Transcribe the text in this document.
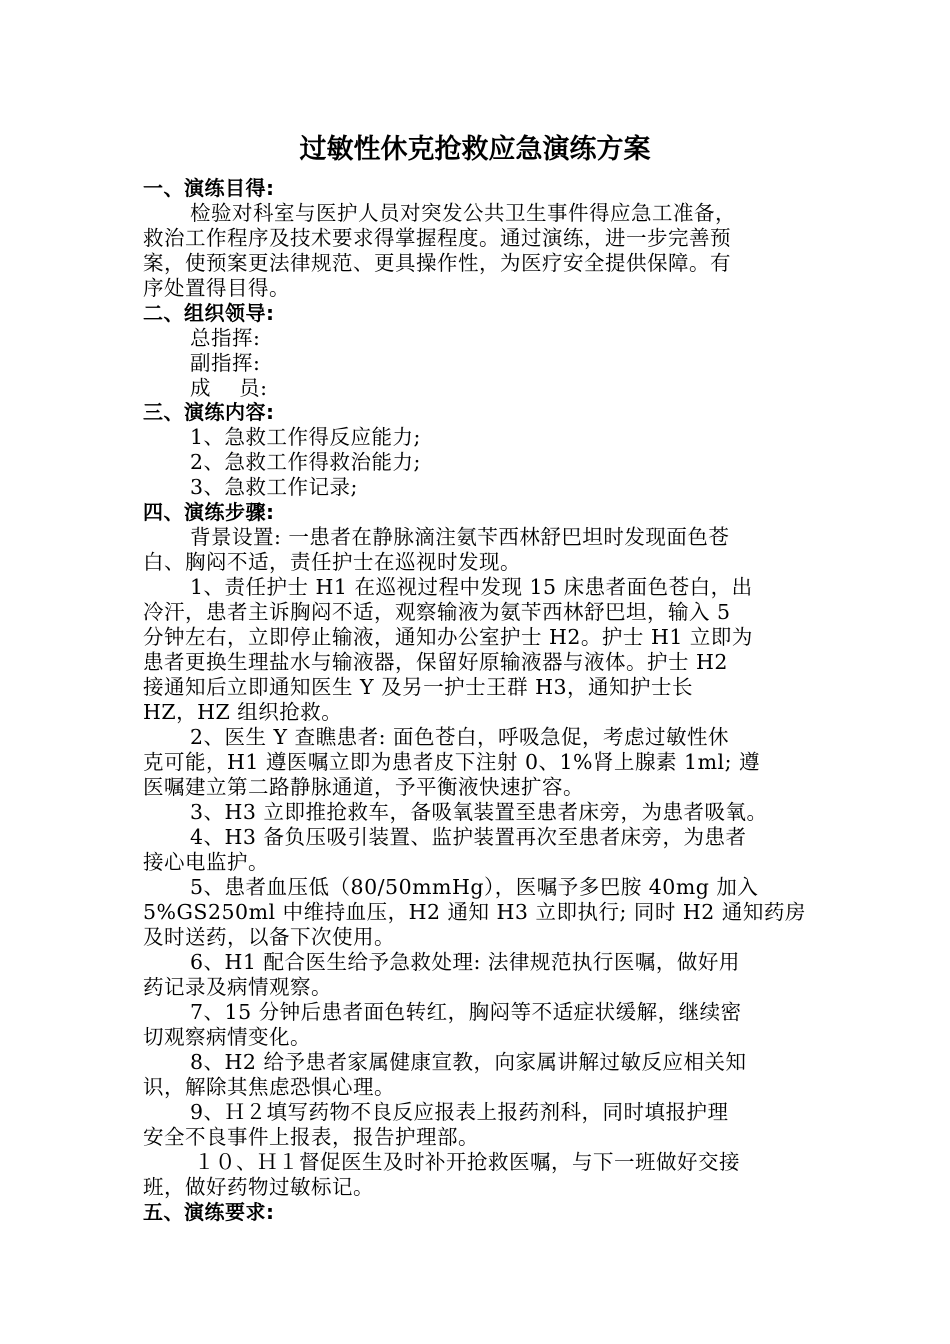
过敏性休克抢救应急演练方案
一、演练目得:
检验对科室与医护人员对突发公共卫生事件得应急工准备，
救治工作程序及技术要求得掌握程度。通过演练，进一步完善预
案，使预案更法律规范、更具操作性，为医疗安全提供保障。有
序处置得目得。
二、组织领导:
总指挥:
副指挥:
成    员:
三、演练内容:
1、急救工作得反应能力;
2、急救工作得救治能力;
3、急救工作记录;
四、演练步骤:
背景设置: 一患者在静脉滴注氨苄西林舒巴坦时发现面色苍
白、胸闷不适，责任护士在巡视时发现。
1、责任护士 H1 在巡视过程中发现 15 床患者面色苍白，出
冷汗，患者主诉胸闷不适，观察输液为氨苄西林舒巴坦，输入 5
分钟左右，立即停止输液，通知办公室护士 H2。护士 H1 立即为
患者更换生理盐水与输液器，保留好原输液器与液体。护士 H2
接通知后立即通知医生 Y 及另一护士王群 H3，通知护士长
HZ，HZ 组织抢救。
2、医生 Y 查瞧患者: 面色苍白，呼吸急促，考虑过敏性休
克可能，H1 遵医嘱立即为患者皮下注射 0、1%肾上腺素 1ml; 遵
医嘱建立第二路静脉通道，予平衡液快速扩容。
3、H3 立即推抢救车，备吸氧装置至患者床旁，为患者吸氧。
4、H3 备负压吸引装置、监护装置再次至患者床旁，为患者
接心电监护。
5、患者血压低（80/50mmHg），医嘱予多巴胺 40mg 加入
5%GS250ml 中维持血压，H2 通知 H3 立即执行; 同时 H2 通知药房
及时送药，以备下次使用。
6、H1 配合医生给予急救处理: 法律规范执行医嘱，做好用
药记录及病情观察。
7、15 分钟后患者面色转红，胸闷等不适症状缓解，继续密
切观察病情变化。
8、H2 给予患者家属健康宣教，向家属讲解过敏反应相关知
识，解除其焦虑恐惧心理。
9、Ｈ２填写药物不良反应报表上报药剂科，同时填报护理
安全不良事件上报表，报告护理部。
１０、Ｈ１督促医生及时补开抢救医嘱，与下一班做好交接
班，做好药物过敏标记。
五、演练要求:
